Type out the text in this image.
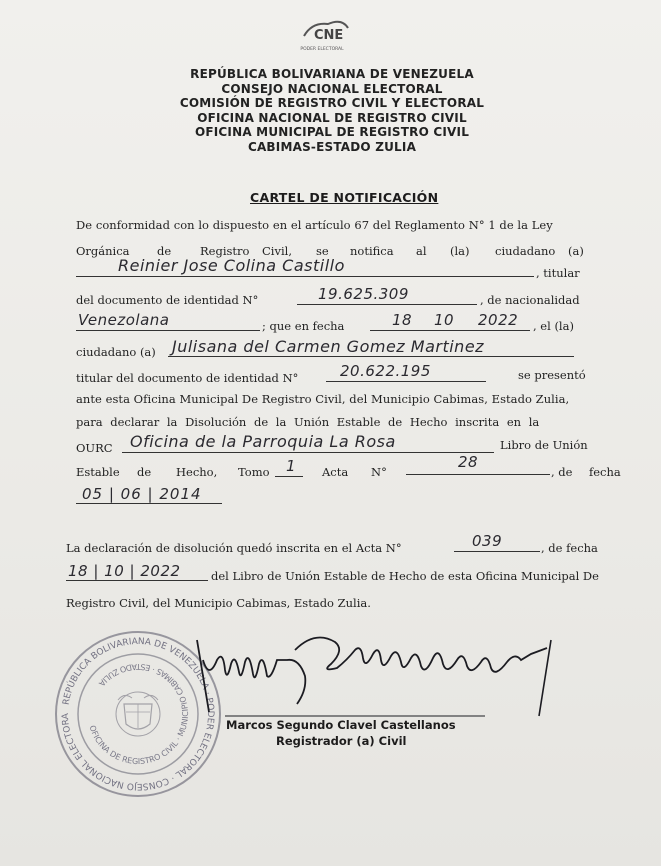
CNE
PODER ELECTORAL
REPÚBLICA BOLIVARIANA DE VENEZUELA
CONSEJO NACIONAL ELECTORAL
COMISIÓN DE REGISTRO CIVIL Y ELECTORAL
OFICINA NACIONAL DE REGISTRO CIVIL
OFICINA MUNICIPAL DE REGISTRO CIVIL
CABIMAS-ESTADO ZULIA
CARTEL DE NOTIFICACIÓN
De conformidad con lo dispuesto en el artículo 67 del Reglamento N° 1 de la Ley
Orgánica de	Registro Civil, se notifica al (la) ciudadano (a)
Reinier Jose Colina Castillo	, titular
del documento de identidad N°	19.625.309	, de nacionalidad
Venezolana	; que en fecha	18 10 2022 , el (la)
ciudadano (a) Julisana del Carmen Gomez Martinez
titular del documento de identidad N°	20.622.195	se presentó
ante esta Oficina Municipal De Registro Civil, del Municipio Cabimas, Estado Zulia,
para declarar la Disolución de la Unión Estable de Hecho inscrita en la
OURC Oficina de la Parroquia La Rosa	Libro de Unión
Estable de Hecho, Tomo 1 Acta N°
28
, de fecha
05 | 06 | 2014
La declaración de disolución quedó inscrita en el Acta N°	039	, de fecha
18 | 10 | 2022	del Libro de Unión Estable de Hecho de esta Oficina Municipal De
Registro Civil, del Municipio Cabimas, Estado Zulia.
REPÚBLICA BOLIVARIANA DE VENEZUELA · PODER ELECTORAL · CONSEJO NACIONAL ELECTORA
OFICINA DE REGISTRO CIVIL · MUNICIPIO CABIMAS · ESTADO ZULIA
Marcos Segundo Clavel Castellanos
Registrador (a) Civil
